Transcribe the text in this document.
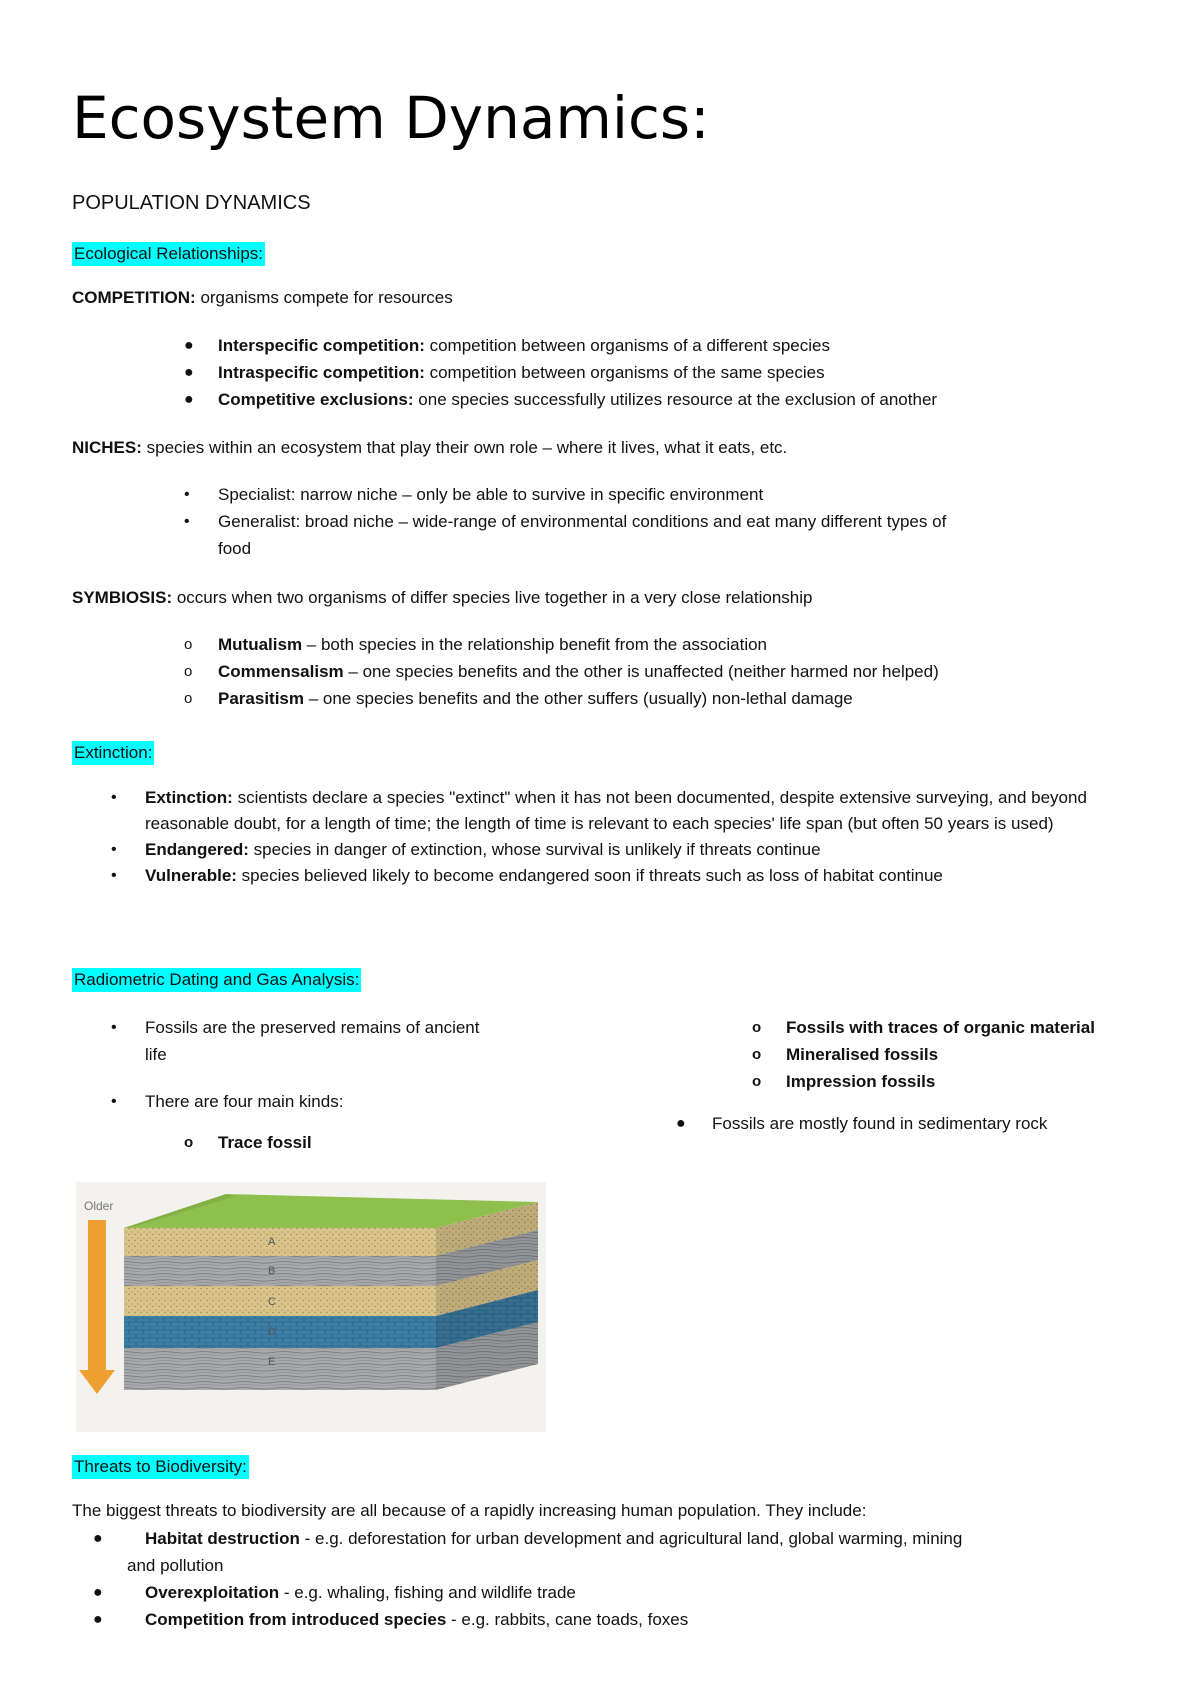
Ecosystem Dynamics:
POPULATION DYNAMICS
Ecological Relationships:

COMPETITION: organisms compete for resources

● Interspecific competition: competition between organisms of a different species
● Intraspecific competition: competition between organisms of the same species
● Competitive exclusions: one species successfully utilizes resource at the exclusion of another

NICHES: species within an ecosystem that play their own role – where it lives, what it eats, etc.

• Specialist: narrow niche – only be able to survive in specific environment
• Generalist: broad niche – wide-range of environmental conditions and eat many different types of
food

SYMBIOSIS: occurs when two organisms of differ species live together in a very close relationship

o Mutualism – both species in the relationship benefit from the association
o Commensalism – one species benefits and the other is unaffected (neither harmed nor helped)
o Parasitism – one species benefits and the other suffers (usually) non-lethal damage
Extinction:
• Extinction: scientists declare a species "extinct" when it has not been documented, despite extensive surveying, and beyond reasonable doubt, for a length of time; the length of time is relevant to each species' life span (but often 50 years is used)
• Endangered: species in danger of extinction, whose survival is unlikely if threats continue
• Vulnerable: species believed likely to become endangered soon if threats such as loss of habitat continue
Radiometric Dating and Gas Analysis:
• Fossils are the preserved remains of ancient
life
• There are four main kinds:
o Trace fossil
o Fossils with traces of organic material
o Mineralised fossils
o Impression fossils
● Fossils are mostly found in sedimentary rock
Older
A
B
C
D
E
Threats to Biodiversity:

The biggest threats to biodiversity are all because of a rapidly increasing human population. They include:

● Habitat destruction - e.g. deforestation for urban development and agricultural land, global warming, mining
and pollution
● Overexploitation - e.g. whaling, fishing and wildlife trade
● Competition from introduced species - e.g. rabbits, cane toads, foxes
